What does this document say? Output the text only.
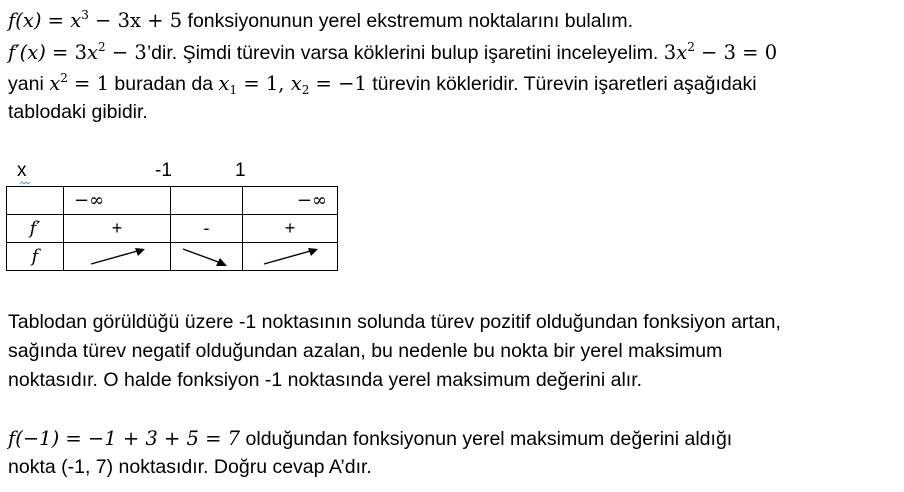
$f(x) = x^3 - 3x + 5$ fonksiyonunun yerel ekstremum noktalarını bulalım.
$f'(x) = 3x^2$ − 3’dir. Şimdi türevin varsa köklerini bulup işaretini inceleyelim. $3x^2 - 3 = 0$
yani $x^2 = 1$ buradan da $x_1 = 1$, $x_2 = -1$ türevin kökleridir. Türevin işaretleri aşağıdaki
tablodaki gibidir.
x	-1	1
	−∞		−∞
f′	+	-	+
f	

Tablodan görüldüğü üzere -1 noktasının solunda türev pozitif olduğundan fonksiyon artan,
sağında türev negatif olduğundan azalan, bu nedenle bu nokta bir yerel maksimum
noktasıdır. O halde fonksiyon -1 noktasında yerel maksimum değerini alır.
f(−1) = −1 + 3 + 5 = 7 olduğundan fonksiyonun yerel maksimum değerini aldığı
nokta (-1, 7) noktasıdır. Doğru cevap A’dır.
